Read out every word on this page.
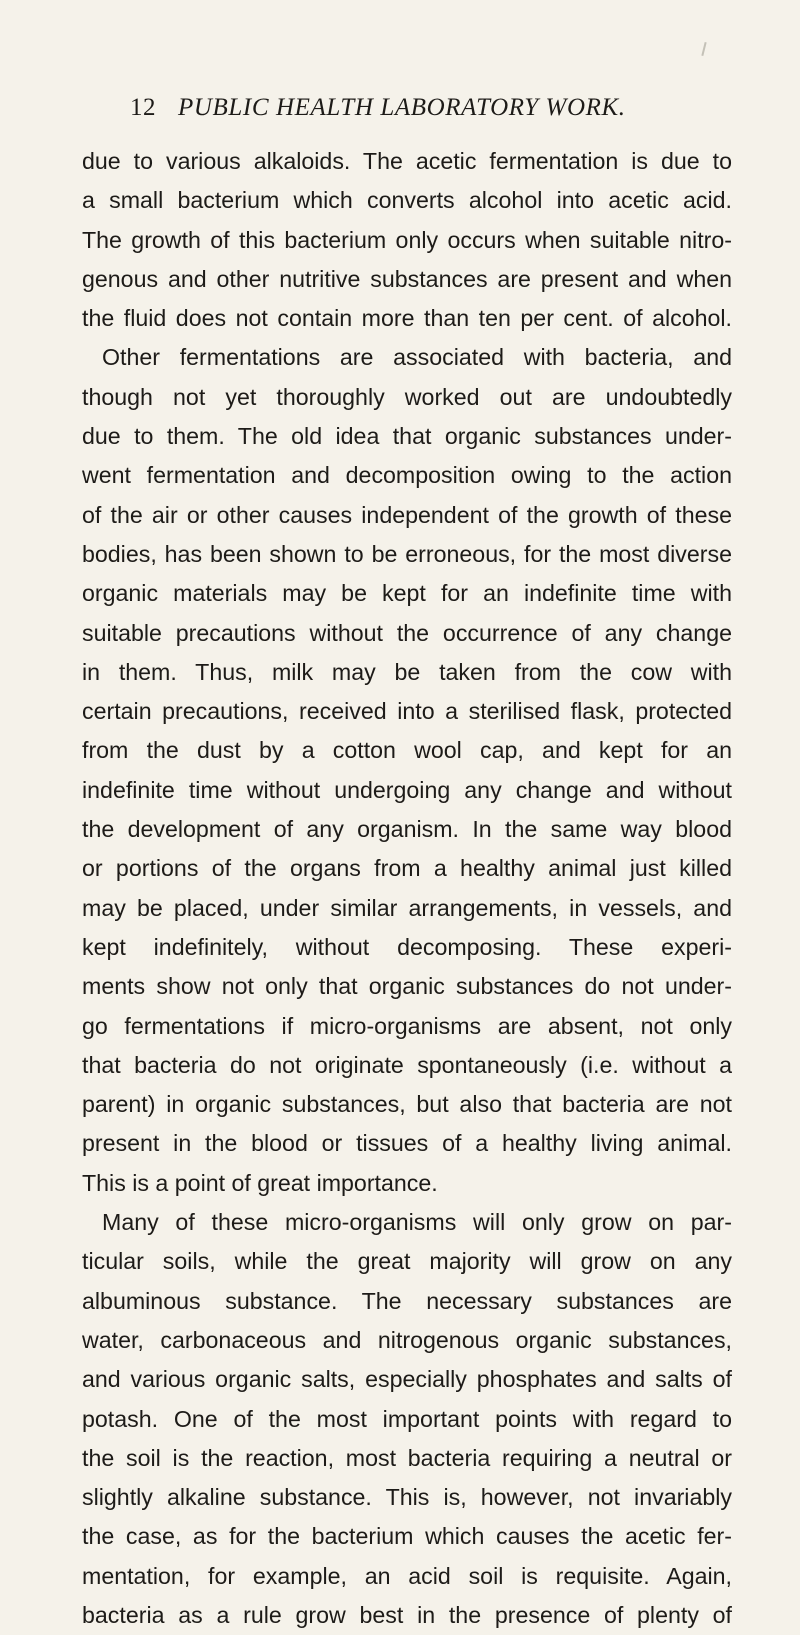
12 PUBLIC HEALTH LABORATORY WORK.
due to various alkaloids. The acetic fermentation is due to
a small bacterium which converts alcohol into acetic acid.
The growth of this bacterium only occurs when suitable nitro-
genous and other nutritive substances are present and when
the fluid does not contain more than ten per cent. of alcohol.
Other fermentations are associated with bacteria, and
though not yet thoroughly worked out are undoubtedly
due to them. The old idea that organic substances under-
went fermentation and decomposition owing to the action
of the air or other causes independent of the growth of these
bodies, has been shown to be erroneous, for the most diverse
organic materials may be kept for an indefinite time with
suitable precautions without the occurrence of any change
in them. Thus, milk may be taken from the cow with
certain precautions, received into a sterilised flask, protected
from the dust by a cotton wool cap, and kept for an
indefinite time without undergoing any change and without
the development of any organism. In the same way blood
or portions of the organs from a healthy animal just killed
may be placed, under similar arrangements, in vessels, and
kept indefinitely, without decomposing. These experi-
ments show not only that organic substances do not under-
go fermentations if micro-organisms are absent, not only
that bacteria do not originate spontaneously (i.e. without a
parent) in organic substances, but also that bacteria are not
present in the blood or tissues of a healthy living animal.
This is a point of great importance.
Many of these micro-organisms will only grow on par-
ticular soils, while the great majority will grow on any
albuminous substance. The necessary substances are
water, carbonaceous and nitrogenous organic substances,
and various organic salts, especially phosphates and salts of
potash. One of the most important points with regard to
the soil is the reaction, most bacteria requiring a neutral or
slightly alkaline substance. This is, however, not invariably
the case, as for the bacterium which causes the acetic fer-
mentation, for example, an acid soil is requisite. Again,
bacteria as a rule grow best in the presence of plenty of
